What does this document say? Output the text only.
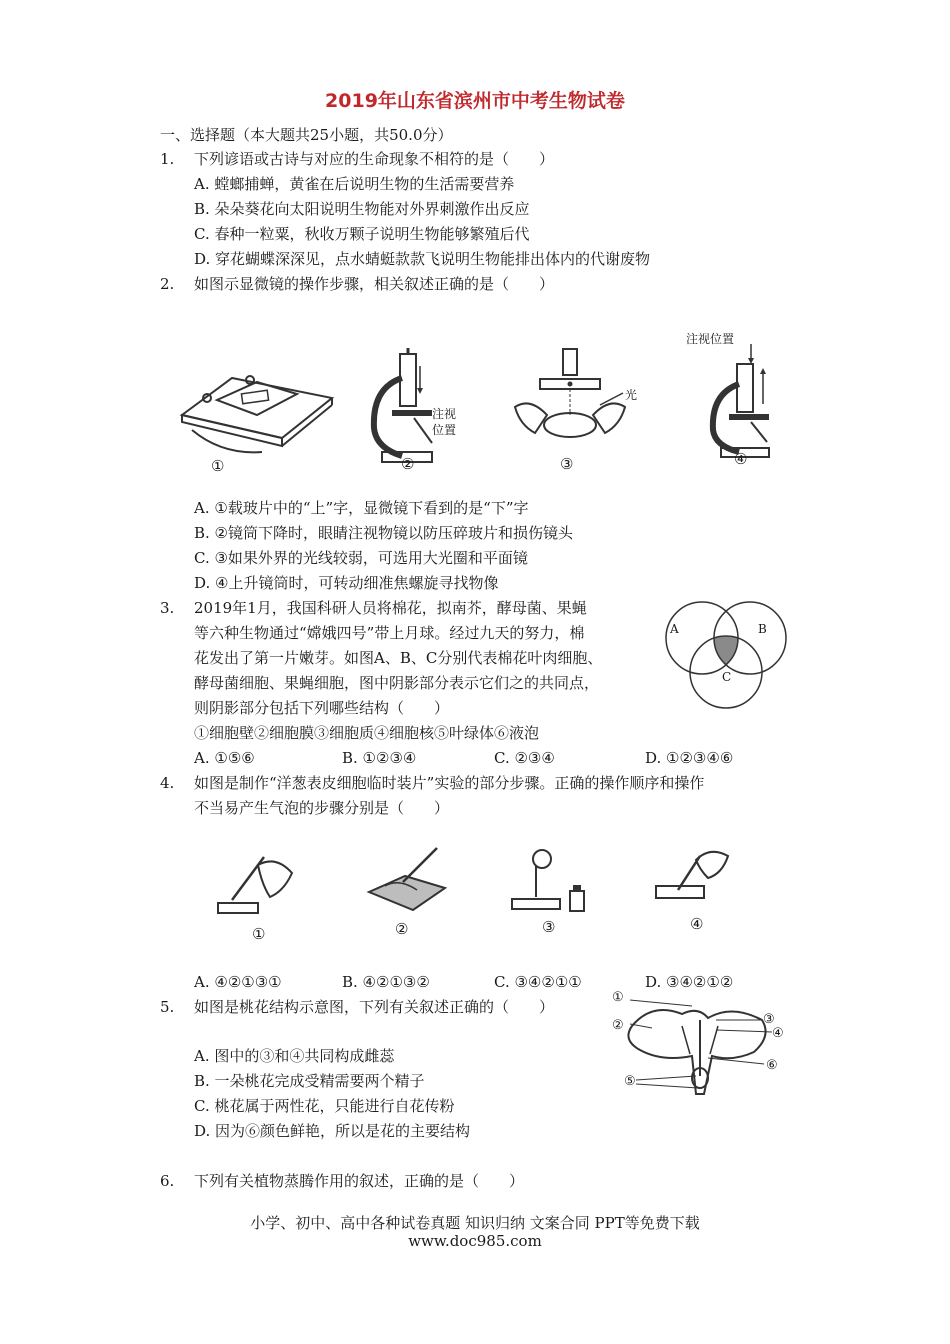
2019年山东省滨州市中考生物试卷
一、选择题（本大题共25小题，共50.0分）
1. 下列谚语或古诗与对应的生命现象不相符的是（　　）
A. 螳螂捕蝉，黄雀在后说明生物的生活需要营养
B. 朵朵葵花向太阳说明生物能对外界刺激作出反应
C. 春种一粒粟，秋收万颗子说明生物能够繁殖后代
D. 穿花蝴蝶深深见，点水蜻蜓款款飞说明生物能排出体内的代谢废物
2. 如图示显微镜的操作步骤，相关叙述正确的是（　　）
①
注视
位置
②
光
③
注视位置
④
A. ①载玻片中的“上”字，显微镜下看到的是“下”字
B. ②镜筒下降时，眼睛注视物镜以防压碎玻片和损伤镜头
C. ③如果外界的光线较弱，可选用大光圈和平面镜
D. ④上升镜筒时，可转动细准焦螺旋寻找物像
3. 2019年1月，我国科研人员将棉花，拟南芥，酵母菌、果蝇
等六种生物通过“嫦娥四号”带上月球。经过九天的努力，棉
花发出了第一片嫩芽。如图A、B、C分别代表棉花叶肉细胞、
酵母菌细胞、果蝇细胞，图中阴影部分表示它们之的共同点，
则阴影部分包括下列哪些结构（　　）
①细胞壁②细胞膜③细胞质④细胞核⑤叶绿体⑥液泡
A	B
C
A. ①⑤⑥	B. ①②③④	C. ②③④	D. ①②③④⑥
4. 如图是制作“洋葱表皮细胞临时装片”实验的部分步骤。正确的操作顺序和操作
不当易产生气泡的步骤分别是（　　）
①	②	③	④
A. ④②①③①	B. ④②①③②	C. ③④②①①	D. ③④②①②
5. 如图是桃花结构示意图，下列有关叙述正确的（　　）
①
②	③
④
⑤
⑥
A. 图中的③和④共同构成雌蕊
B. 一朵桃花完成受精需要两个精子
C. 桃花属于两性花，只能进行自花传粉
D. 因为⑥颜色鲜艳，所以是花的主要结构
6. 下列有关植物蒸腾作用的叙述，正确的是（　　）
小学、初中、高中各种试卷真题 知识归纳 文案合同 PPT等免费下载
www.doc985.com
